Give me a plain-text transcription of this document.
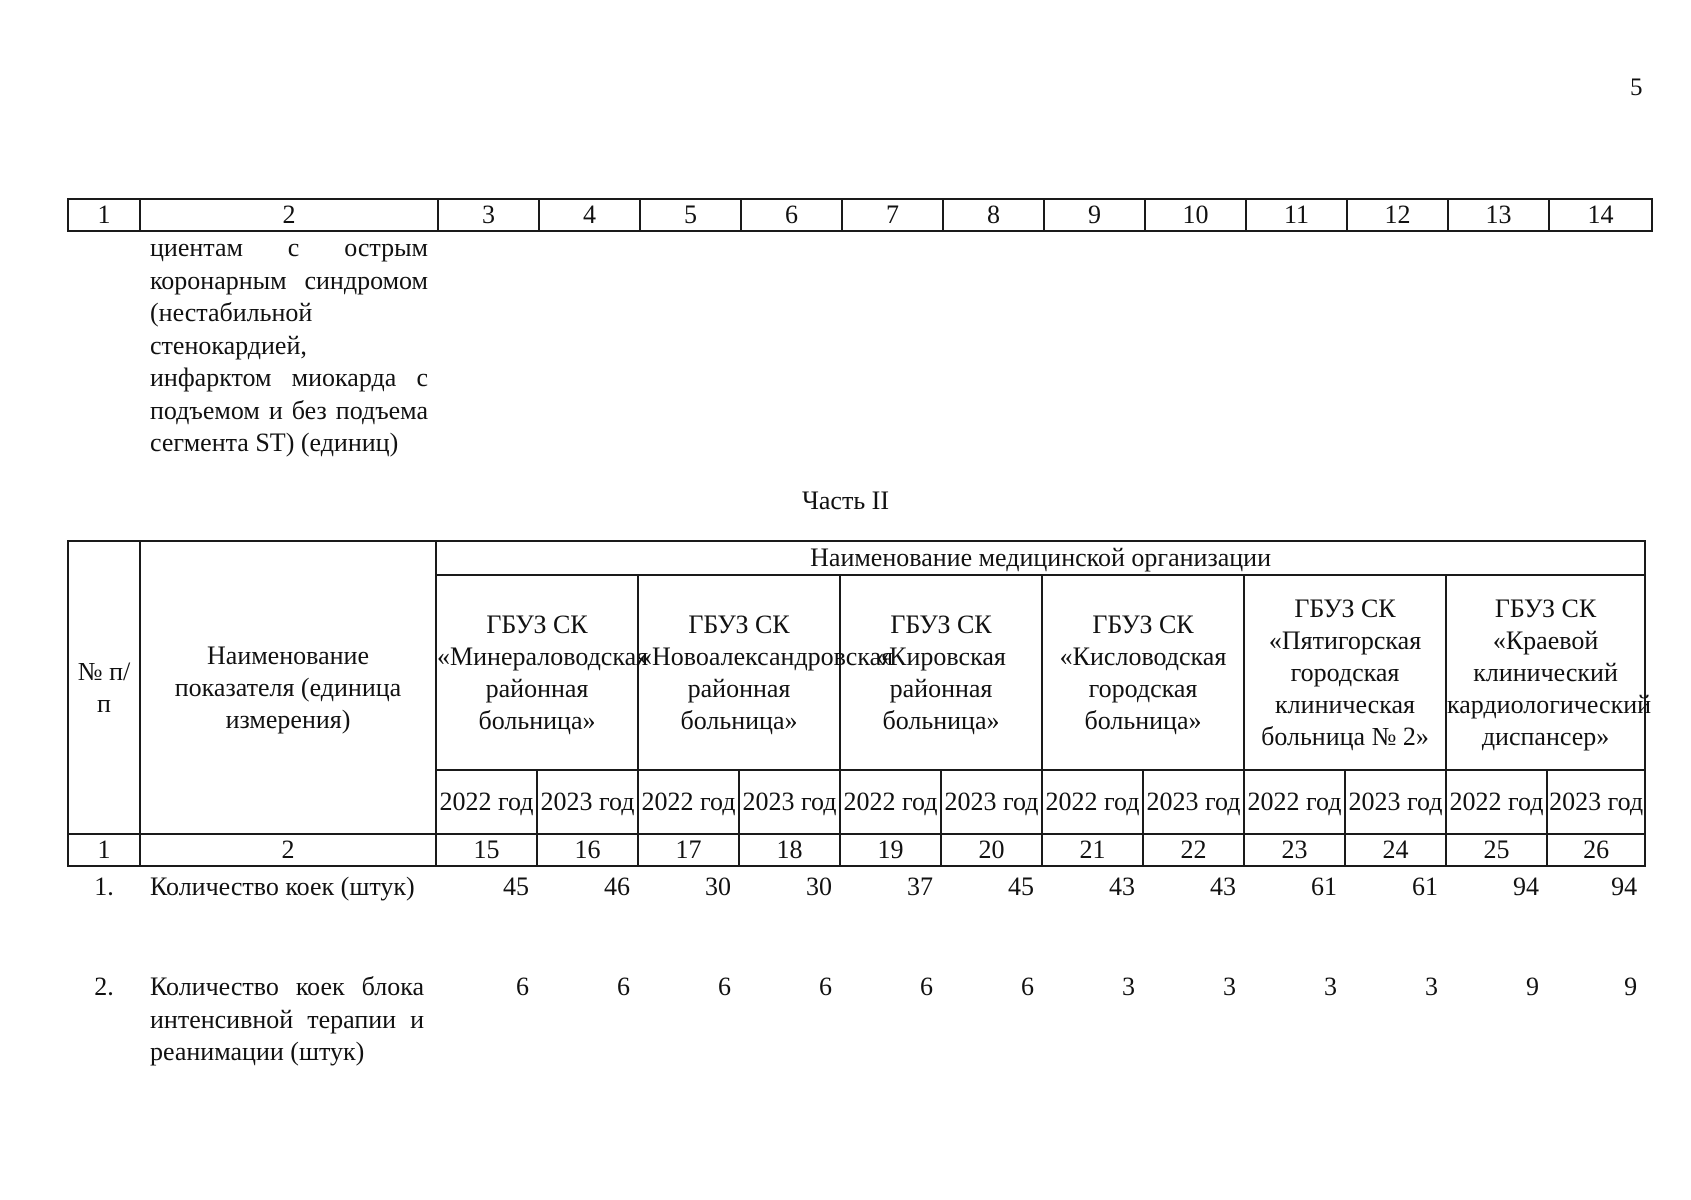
5
1	2	3	4	5	6	7	8	9	10	11	12	13	14
циентам с острым коронарным синдромом (нестабильной стенокардией, инфарктом миокарда с подъемом и без подъема сегмента ST) (единиц)
Часть II
№ п/п	Наименование показателя (единица измерения)	Наименование медицинской организации											
		ГБУЗ СК «Минераловодская районная больница»		ГБУЗ СК «Новоалександровская районная больница»		ГБУЗ СК «Кировская районная больница»		ГБУЗ СК «Кисловодская городская больница»		ГБУЗ СК «Пятигорская городская клиническая больница № 2»		ГБУЗ СК «Краевой клинический кардиологический диспансер»	
		2022 год	2023 год	2022 год	2023 год	2022 год	2023 год	2022 год	2023 год	2022 год	2023 год	2022 год	2023 год
1	2	15	16	17	18	19	20	21	22	23	24	25	26
1.	Количество коек (штук)	45	46	30	30	37	45	43	43	61	61	94	94
2.	Количество коек блока интенсивной терапии и реанимации (штук)	6	6	6	6	6	6	3	3	3	3	9	9
